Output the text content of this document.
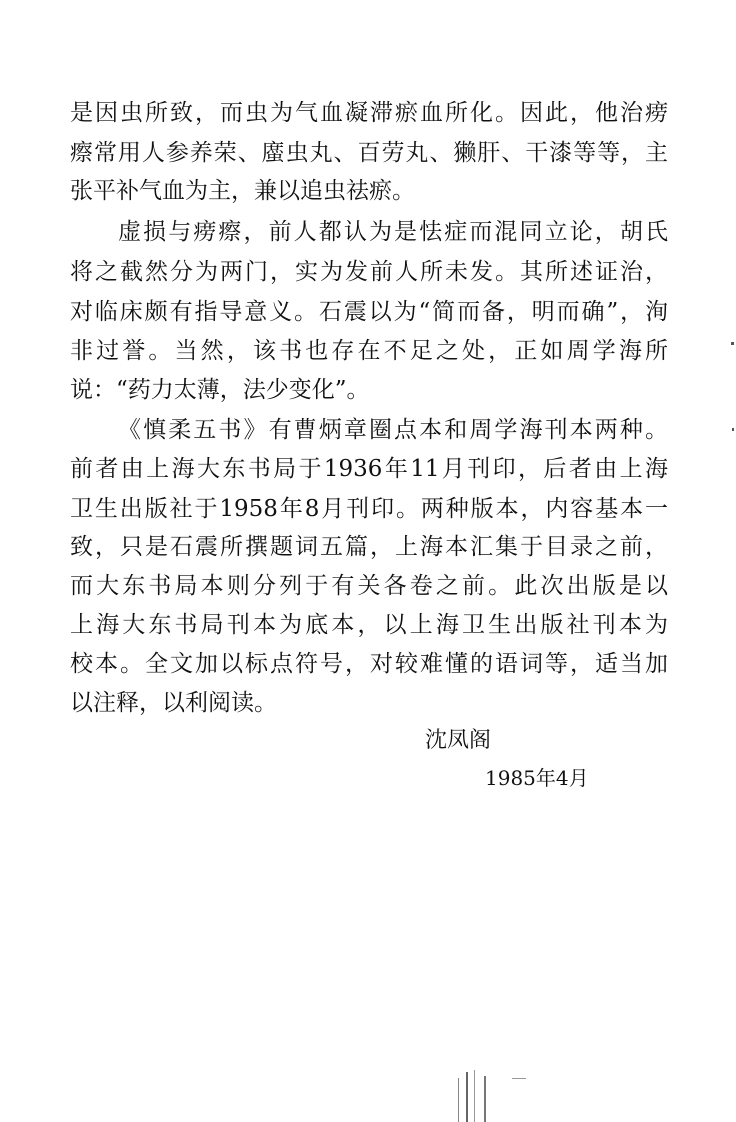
是因虫所致，而虫为气血凝滞瘀血所化。因此，他治痨
瘵常用人参养荣、䗪虫丸、百劳丸、獭肝、干漆等等，主
张平补气血为主，兼以追虫祛瘀。
虚损与痨瘵，前人都认为是怯症而混同立论，胡氏
将之截然分为两门，实为发前人所未发。其所述证治，
对临床颇有指导意义。石震以为“简而备，明而确”，洵
非过誉。当然，该书也存在不足之处，正如周学海所
说：“药力太薄，法少变化”。
《慎柔五书》有曹炳章圈点本和周学海刊本两种。
前者由上海大东书局于1936年11月刊印，后者由上海
卫生出版社于1958年8月刊印。两种版本，内容基本一
致，只是石震所撰题词五篇，上海本汇集于目录之前，
而大东书局本则分列于有关各卷之前。此次出版是以
上海大东书局刊本为底本，以上海卫生出版社刊本为
校本。全文加以标点符号，对较难懂的语词等，适当加
以注释，以利阅读。
沈凤阁
1985年4月
